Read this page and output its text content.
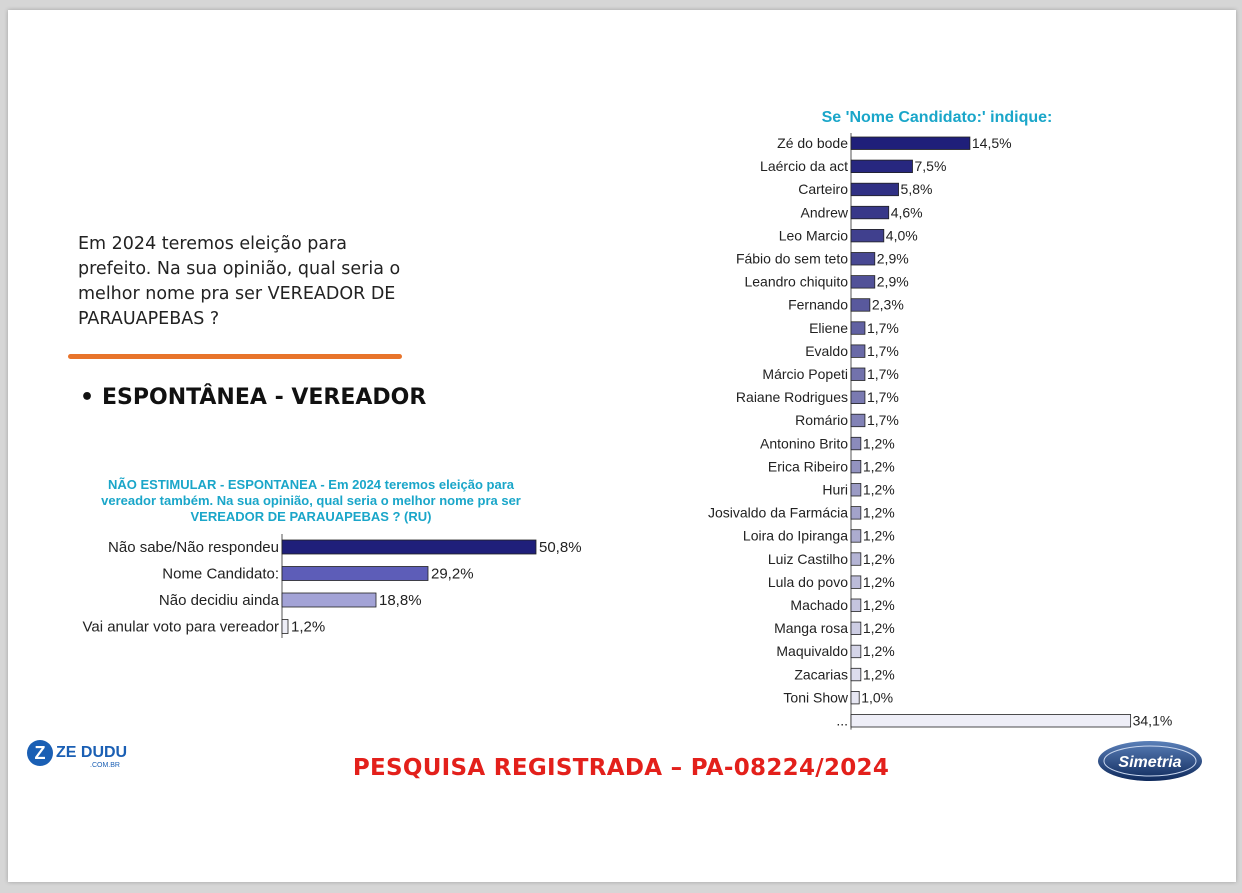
Em 2024 teremos eleição para prefeito. Na sua opinião, qual seria o melhor nome pra ser VEREADOR DE PARAUAPEBAS ?
• ESPONTÂNEA - VEREADOR
NÃO ESTIMULAR - ESPONTANEA - Em 2024 teremos eleição para
vereador também. Na sua opinião, qual seria o melhor nome pra ser
VEREADOR DE PARAUAPEBAS ? (RU)
Não sabe/Não respondeu	50,8%
Nome Candidato:	29,2%
Não decidiu ainda	18,8%
Vai anular voto para vereador 1,2%
Se 'Nome Candidato:' indique:
Zé do bode	14,5%
Laércio da act	7,5%
Carteiro	5,8%
Andrew	4,6%
Leo Marcio	4,0%
Fábio do sem teto 2,9%
Leandro chiquito 2,9%
Fernando 2,3%
Eliene 1,7%
Evaldo 1,7%
Márcio Popeti 1,7%
Raiane Rodrigues 1,7%
Romário 1,7%
Antonino Brito 1,2%
Erica Ribeiro 1,2%
Huri 1,2%
Josivaldo da Farmácia 1,2%
Loira do Ipiranga 1,2%
Luiz Castilho 1,2%
Lula do povo 1,2%
Machado 1,2%
Manga rosa 1,2%
Maquivaldo 1,2%
Zacarias 1,2%
Toni Show 1,0%
...	34,1%
Z ZE DUDU
.COM.BR	Simetria
PESQUISA REGISTRADA – PA-08224/2024
